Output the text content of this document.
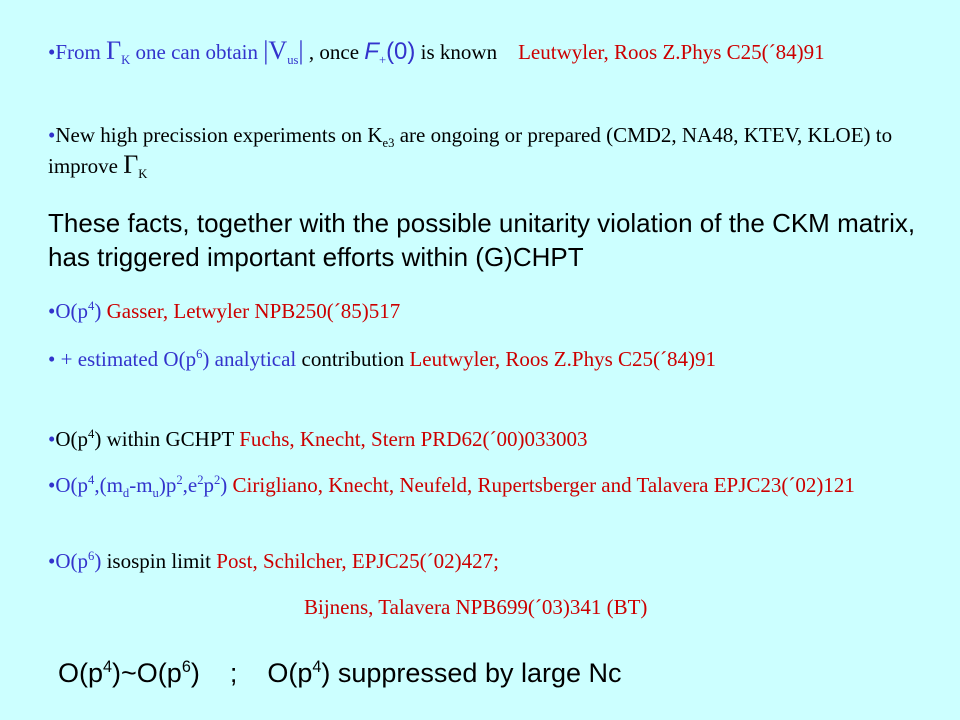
•From $\Gamma_K$ one can obtain $|V_{us}|$ , once $F_+(0)$ is known Leutwyler, Roos Z.Phys C25(´84)91

•New high precission experiments on $K_{e3}$ are ongoing or prepared (CMD2, NA48, KTEV, KLOE) to improve $\Gamma_K$

These facts, together with the possible unitarity violation of the CKM matrix, has triggered important efforts within (G)CHPT

$•O(p^4)$ Gasser, Letwyler NPB250(´85)517

• + estimated $O(p^6)$ analytical contribution Leutwyler, Roos Z.Phys C25(´84)91

$•O(p^4)$ within GCHPT Fuchs, Knecht, Stern PRD62(´00)033003

$•O(p^4,(m_d-m_u)p^2,e^2p^2)$ Cirigliano, Knecht, Neufeld, Rupertsberger and Talavera EPJC23(´02)121

$•O(p^6)$ isospin limit Post, Schilcher, EPJC25(´02)427;

Bijnens, Talavera NPB699(´03)341 (BT)

$O(p^4)\sim O(p^6)$    ;    $O(p^4)$ suppressed by large Nc
